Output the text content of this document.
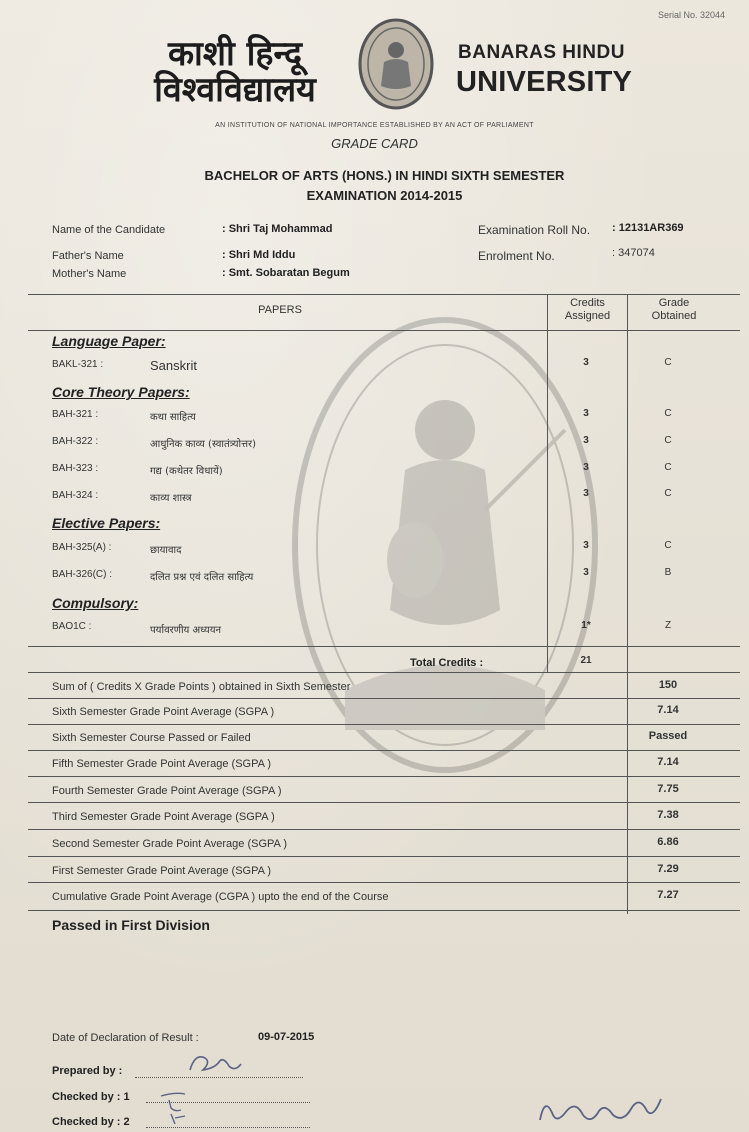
Serial No. 32044
काशी हिन्दू
विश्वविद्यालय
BANARAS HINDU
UNIVERSITY
AN INSTITUTION OF NATIONAL IMPORTANCE ESTABLISHED BY AN ACT OF PARLIAMENT
GRADE CARD
BACHELOR OF ARTS (HONS.) IN HINDI SIXTH SEMESTER
EXAMINATION 2014-2015
Name of the Candidate	: Shri Taj Mohammad
Father's Name	: Shri Md Iddu
Mother's Name	: Smt. Sobaratan Begum
Examination Roll No. : 12131AR369
Enrolment No.	: 347074
PAPERS
Credits
Assigned
Grade
Obtained
Language Paper:
Core Theory Papers:
Elective Papers:
Compulsory:
BAKL-321 :	Sanskrit	3	C
BAH-321 :	कथा साहित्य	3	C
BAH-322 :	आधुनिक काव्य (स्वातंत्र्योत्तर)	3	C
BAH-323 :	गद्य (कथेतर विधायें)	3	C
BAH-324 :	काव्य शास्त्र	3	C
BAH-325(A) :	छायावाद	3	C
BAH-326(C) :	दलित प्रश्न एवं दलित साहित्य	3	B
BAO1C :	पर्यावरणीय अध्ययन	1*	Z
Total Credits :	21
Sum of ( Credits X Grade Points ) obtained in Sixth Semester	150
Sixth Semester Grade Point Average (SGPA )	7.14
Sixth Semester Course Passed or Failed	Passed
Fifth Semester Grade Point Average (SGPA )	7.14
Fourth Semester Grade Point Average (SGPA )	7.75
Third Semester Grade Point Average (SGPA )	7.38
Second Semester Grade Point Average (SGPA )	6.86
First Semester Grade Point Average (SGPA )	7.29
Cumulative Grade Point Average (CGPA ) upto the end of the Course	7.27
Passed in First Division
Date of Declaration of Result :	09-07-2015
Prepared by :
Checked by : 1
Checked by : 2
